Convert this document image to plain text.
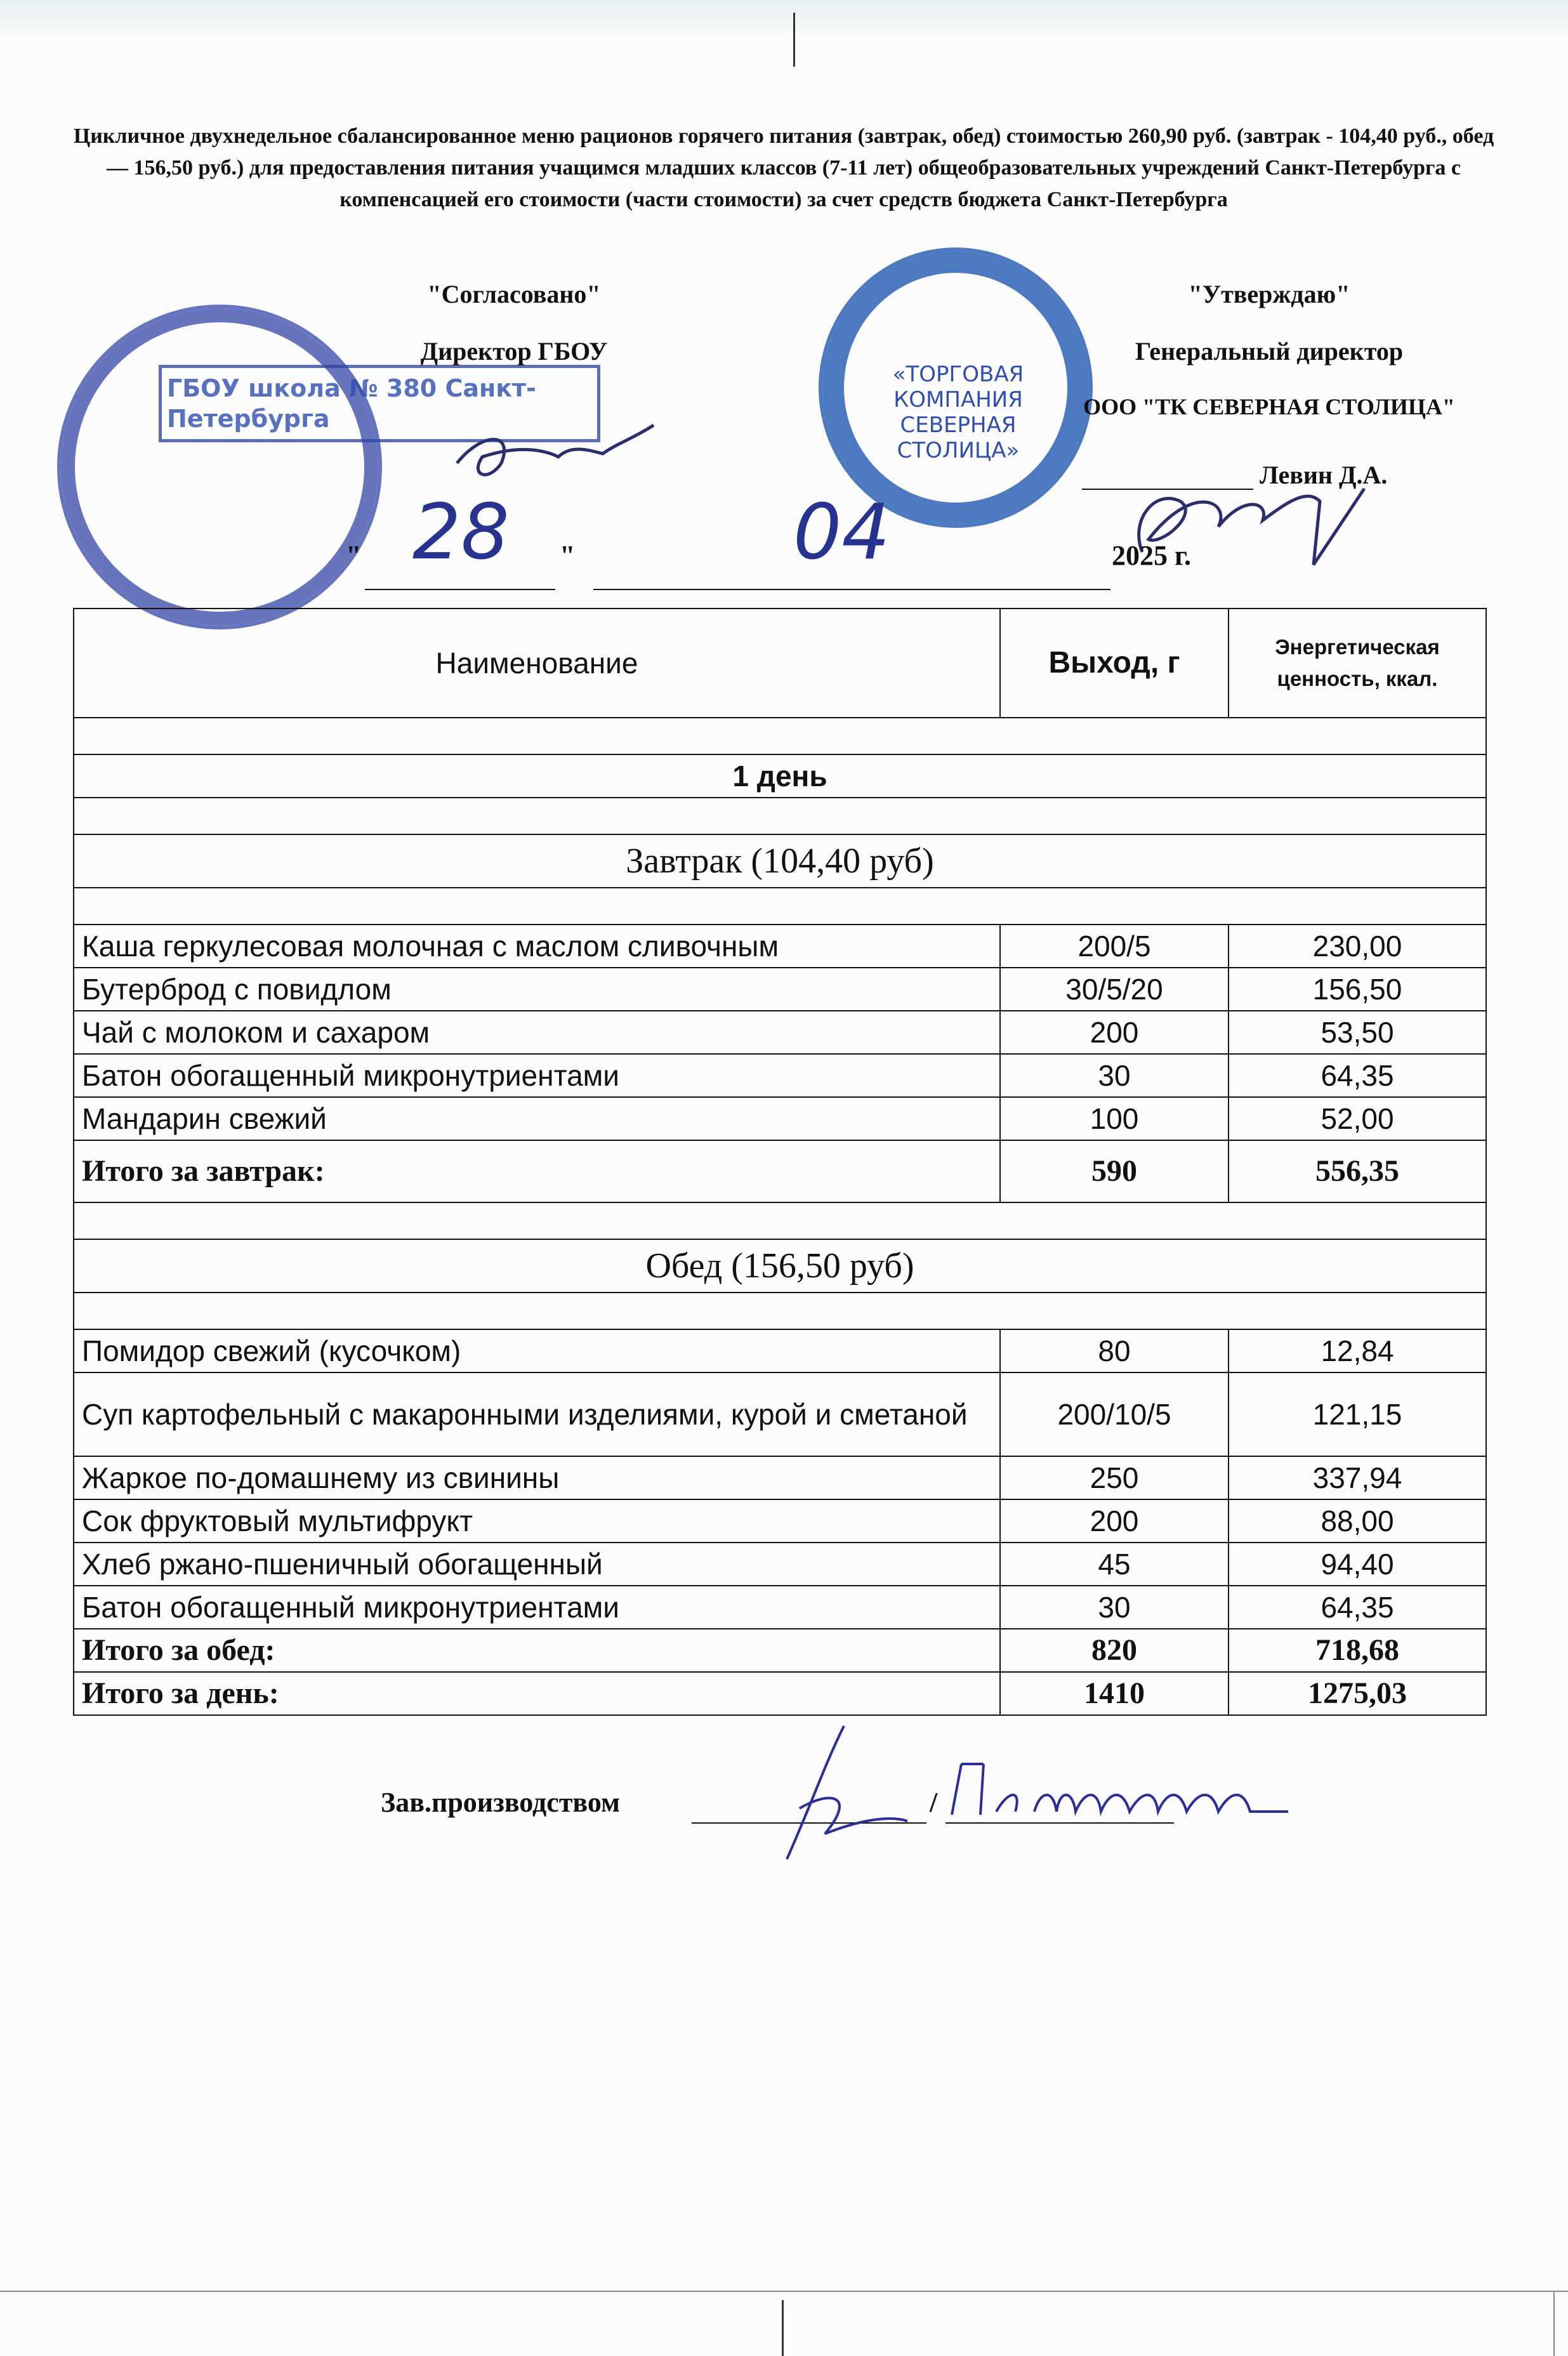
Цикличное двухнедельное сбалансированное меню рационов горячего питания (завтрак, обед) стоимостью 260,90 руб. (завтрак - 104,40 руб., обед — 156,50 руб.) для предоставления питания учащимся младших классов (7-11 лет) общеобразовательных учреждений Санкт-Петербурга с компенсацией его стоимости (части стоимости) за счет средств бюджета Санкт-Петербурга
ГБОУ школа № 380 Санкт-Петербурга
«ТОРГОВАЯ КОМПАНИЯ СЕВЕРНАЯ СТОЛИЦА»
"Согласовано"
Директор ГБОУ
"Утверждаю"
Генеральный директор
ООО "ТК СЕВЕРНАЯ СТОЛИЦА"
Левин Д.А.
" 28 "	04	2025 г.
Наименование	Выход, г	Энергетическая ценность, ккал.

1 день		

Завтрак (104,40 руб)		

Каша геркулесовая молочная с маслом сливочным	200/5	230,00
Бутерброд с повидлом	30/5/20	156,50
Чай с молоком и сахаром	200	53,50
Батон обогащенный микронутриентами	30	64,35
Мандарин свежий	100	52,00
Итого за завтрак:	590	556,35

Обед (156,50 руб)		

Помидор свежий (кусочком)	80	12,84
Суп картофельный с макаронными изделиями, курой и сметаной	200/10/5	121,15
Жаркое по-домашнему из свинины	250	337,94
Сок фруктовый мультифрукт	200	88,00
Хлеб ржано-пшеничный обогащенный	45	94,40
Батон обогащенный микронутриентами	30	64,35
Итого за обед:	820	718,68
Итого за день:	1410	1275,03
Зав.производством	/
